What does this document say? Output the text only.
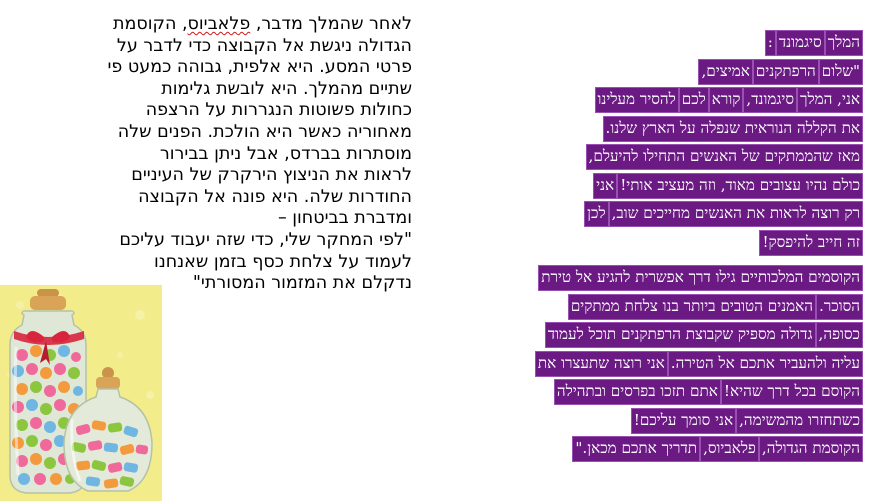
לאחר שהמלך מדבר, פלאביוס, הקוסמת

הגדולה ניגשת אל הקבוצה כדי לדבר על

פרטי המסע. היא אלפית, גבוהה כמעט פי

שתיים מהמלך. היא לובשת גלימות

כחולות פשוטות הנגררות על הרצפה

מאחוריה כאשר היא הולכת. הפנים שלה

מוסתרות בברדס, אבל ניתן בבירור

לראות את הניצוץ הירקרק של העיניים

החודרות שלה. היא פונה אל הקבוצה

ומדברת בביטחון –

"לפי המחקר שלי, כדי שזה יעבוד עליכם

לעמוד על צלחת כסף בזמן שאנחנו

נדקלם את המזמור המסורתי"

המלךסיגמונד:
"שלוםהרפתקניםאמיצים,
אני, המלךסיגמונד,קוראלכםלהסיר מעלינו
את הקללה הנוראית שנפלה על הארץ שלנו.
מאז שהממתקים של האנשים התחילו להיעלם,
כולם נהיו עצובים מאוד, וזה מעציב אותי!אני
רק רוצה לראות את האנשים מחייכים שוב,לכן
זה חייב להיפסק!
הקוסמים המלכותיים גילו דרך אפשרית להגיע אל טירת
הסוכר.האמנים הטובים ביותר בנו צלחת ממתקים
כסופה,גדולה מספיק שקבוצת הרפתקנים תוכל לעמוד
עליה ולהעביר אתכם אל הטירה.אני רוצה שתעצרו את
הקוסם בכל דרך שהיא!אתם תזכו בפרסים ובתהילה
כשתחזרו מהמשימה,אני סומך עליכם!
הקוסמת הגדולה,פלאביוס,תדריך אתכם מכאן."
